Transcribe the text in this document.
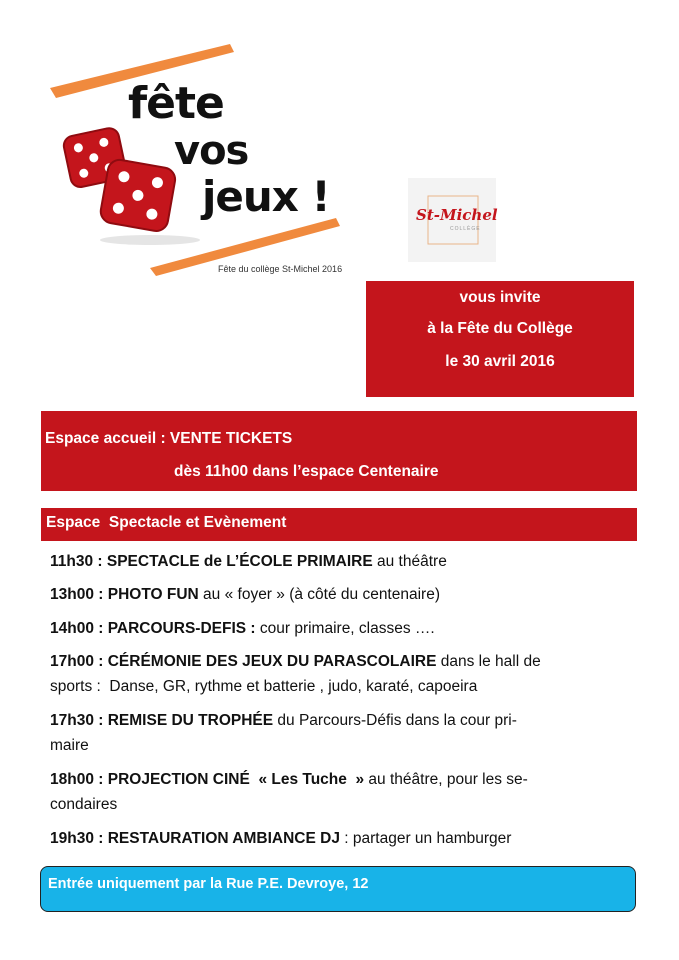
fête
vos
jeux !
Fête du collège St-Michel 2016
St-Michel
COLLÈGE
vous invite
à la Fête du Collège
le 30 avril 2016
Espace accueil : VENTE TICKETS
dès 11h00 dans l’espace Centenaire
Espace  Spectacle et Evènement
11h30 : SPECTACLE de L’ÉCOLE PRIMAIRE au théâtre
13h00 : PHOTO FUN au « foyer » (à côté du centenaire)
14h00 : PARCOURS-DEFIS : cour primaire, classes ….
17h00 : CÉRÉMONIE DES JEUX DU PARASCOLAIRE dans le hall de
sports :  Danse, GR, rythme et batterie , judo, karaté, capoeira
17h30 : REMISE DU TROPHÉE du Parcours-Défis dans la cour pri-
maire
18h00 : PROJECTION CINÉ  « Les Tuche  » au théâtre, pour les se-
condaires
19h30 : RESTAURATION AMBIANCE DJ : partager un hamburger
Entrée uniquement par la Rue P.E. Devroye, 12
